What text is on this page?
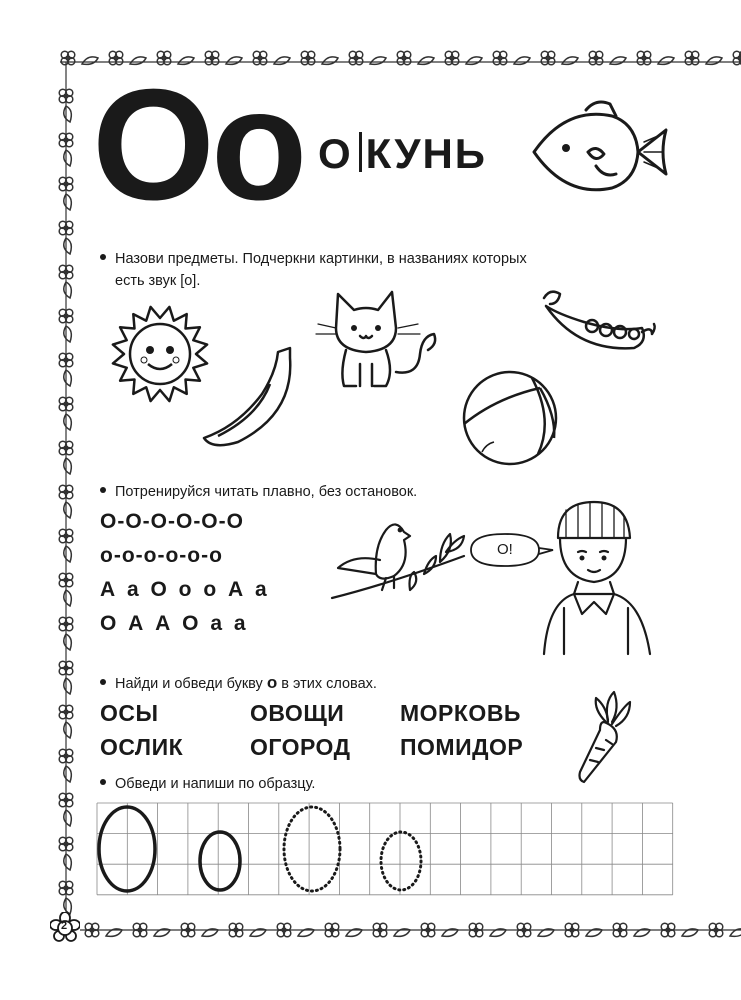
Оо О КУНЬ
Назови предметы. Подчеркни картинки, в названиях которых
есть звук [о].
Потренируйся читать плавно, без остановок.
О-О-О-О-О-О
о-о-о-о-о-о
А а О о о А а
О А А О а а
О!
Найди и обведи букву о в этих словах.
ОСЫ	ОВОЩИ МОРКОВЬ
ОСЛИК	ОГОРОД ПОМИДОР
Обведи и напиши по образцу.
2
